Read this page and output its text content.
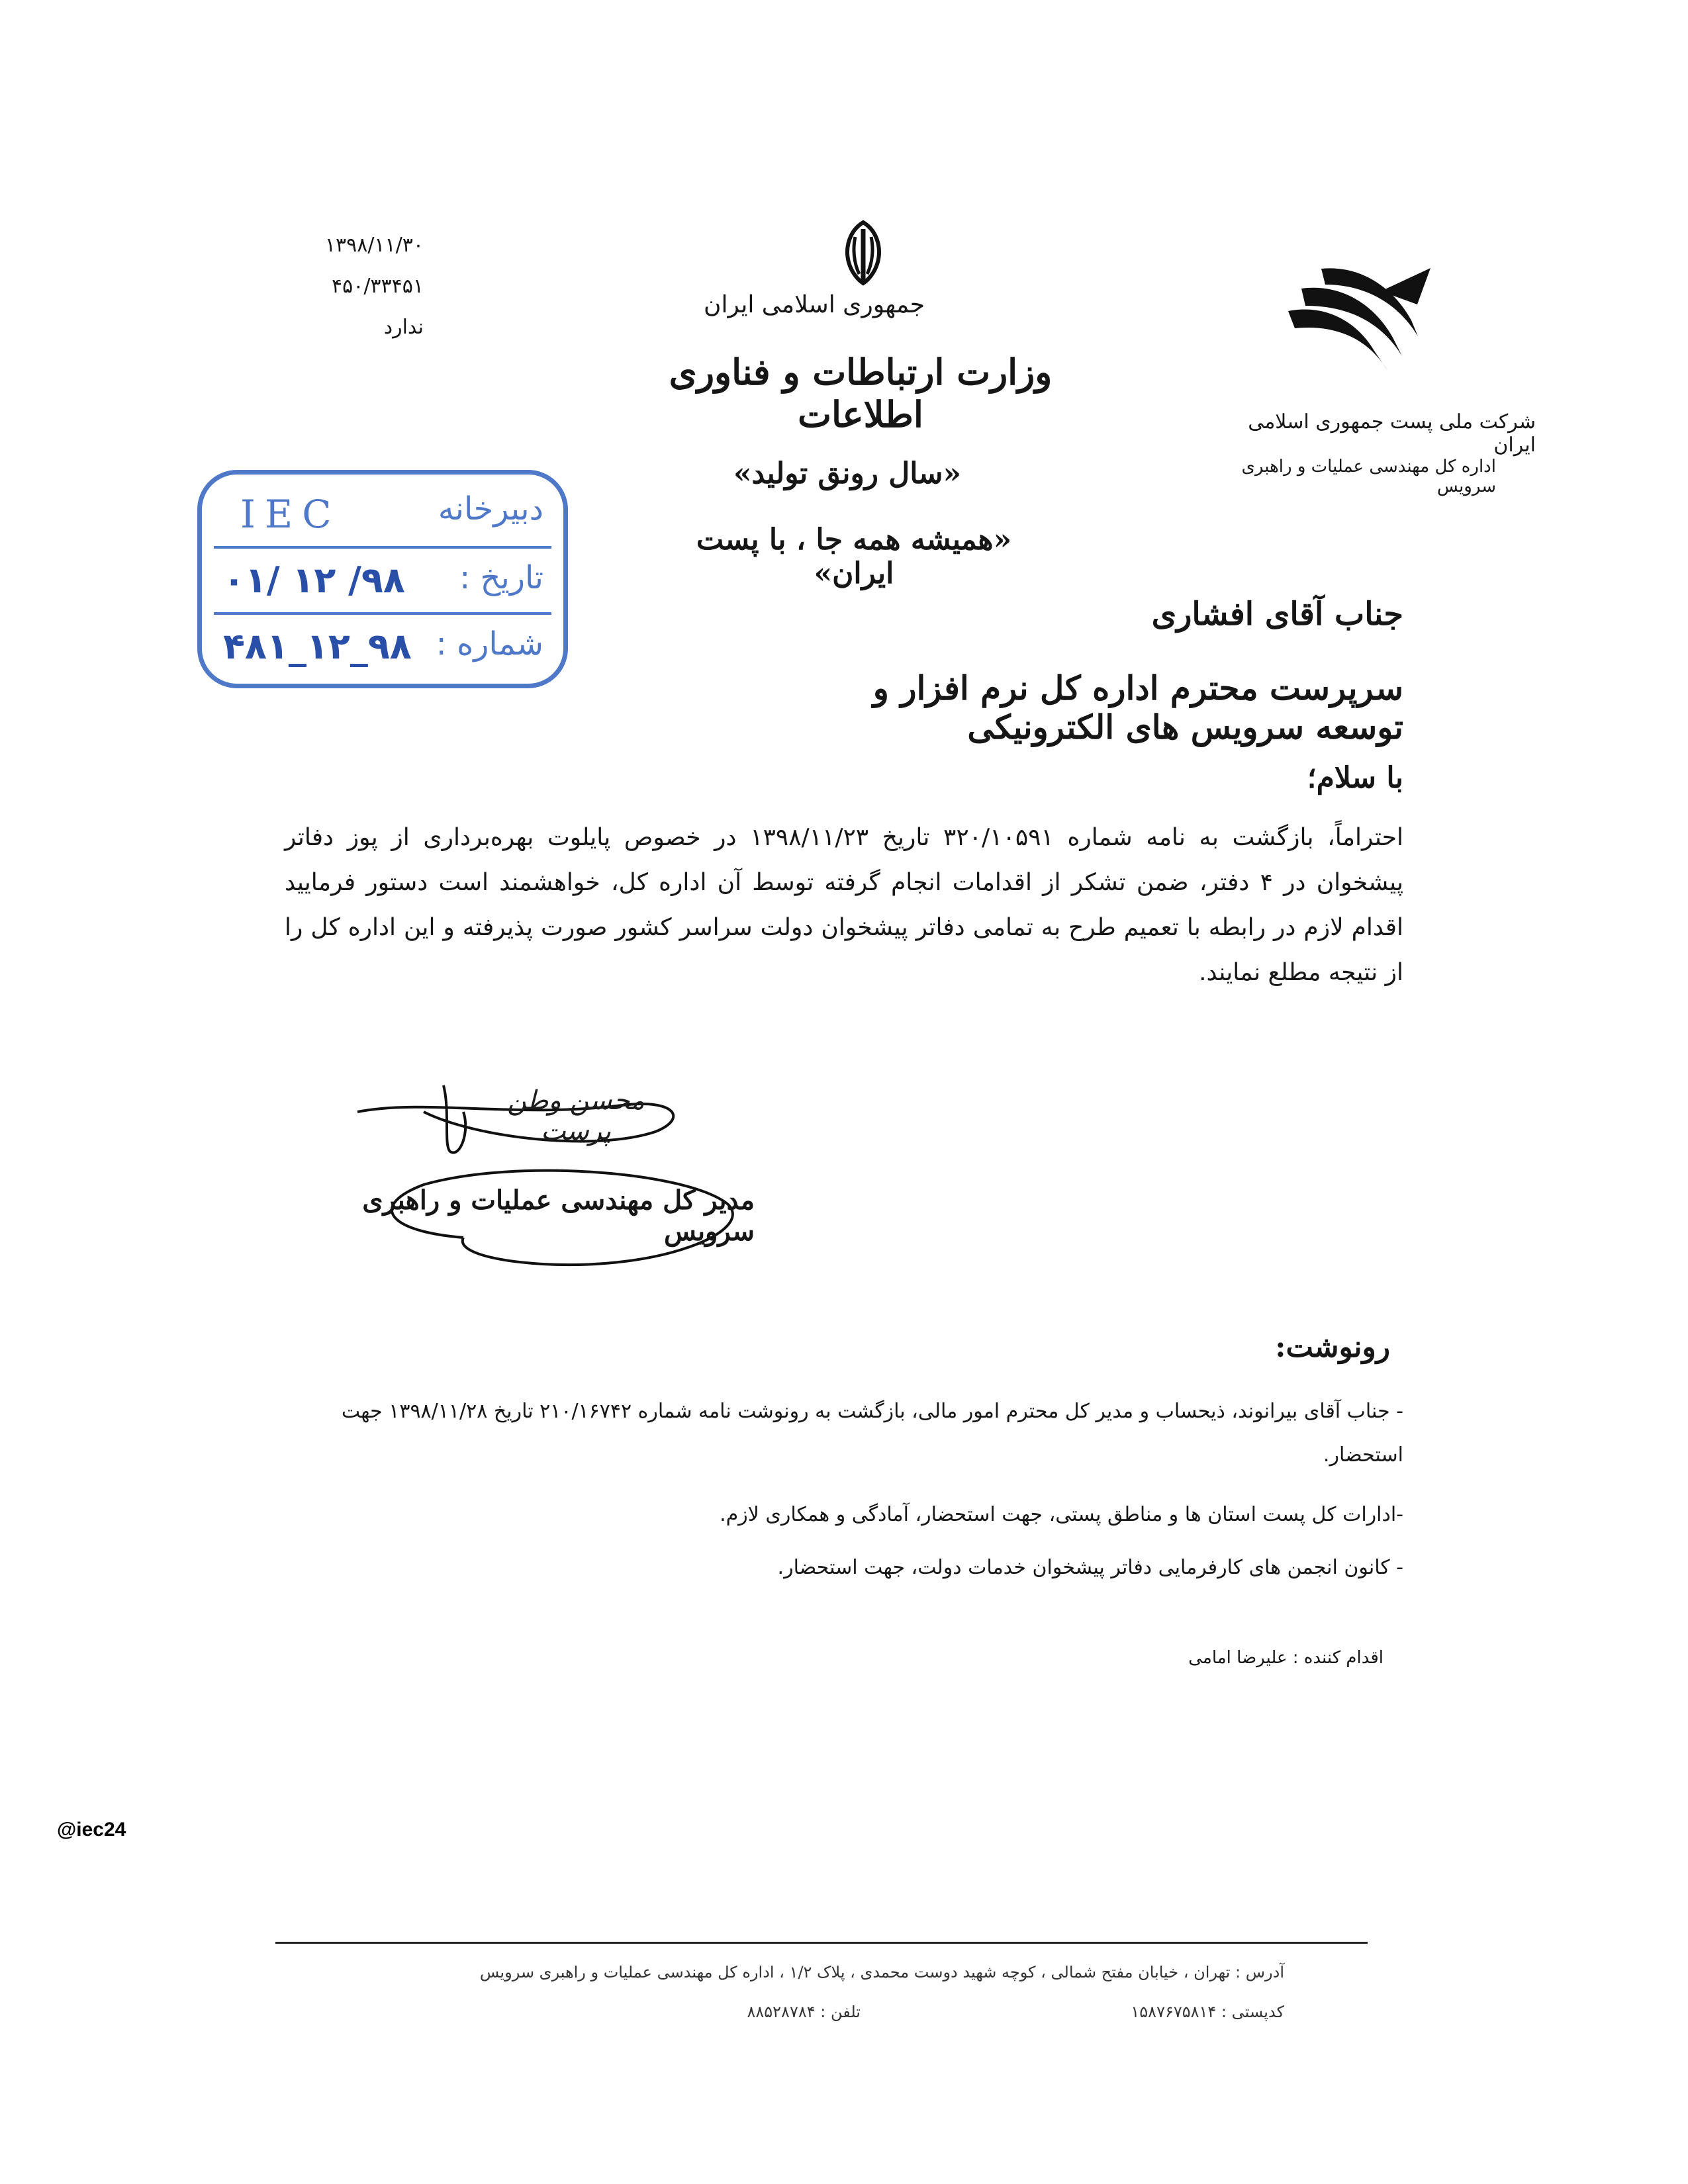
۱۳۹۸/۱۱/۳۰
۴۵۰/۳۳۴۵۱
ندارد
جمهوری اسلامی ایران
وزارت ارتباطات و فناوری اطلاعات
«سال رونق تولید»
«همیشه همه جا ، با پست ایران»
شرکت ملی پست جمهوری اسلامی ایران
اداره کل مهندسی عملیات و راهبری سرویس
دبیرخانه
IEC
تاریخ :
۹۸/ ۱۲ /۰۱
شماره :
۹۸_۱۲_۴۸۱
جناب آقای افشاری
سرپرست محترم اداره کل نرم افزار و توسعه سرویس های الکترونیکی
با سلام؛
احتراماً، بازگشت به نامه شماره ۳۲۰/۱۰۵۹۱ تاریخ ۱۳۹۸/۱۱/۲۳ در خصوص پایلوت بهره‌برداری از پوز دفاتر پیشخوان در ۴ دفتر، ضمن تشکر از اقدامات انجام گرفته توسط آن اداره کل، خواهشمند است دستور فرمایید اقدام لازم در رابطه با تعمیم طرح به تمامی دفاتر پیشخوان دولت سراسر کشور صورت پذیرفته و این اداره کل را از نتیجه مطلع نمایند.
محسن وطن پرست
مدیر کل مهندسی عملیات و راهبری سرویس
رونوشت:
- جناب آقای بیرانوند، ذیحساب و مدیر کل محترم امور مالی، بازگشت به رونوشت نامه شماره ۲۱۰/۱۶۷۴۲ تاریخ ۱۳۹۸/۱۱/۲۸ جهت استحضار.
-ادارات کل پست استان ها و مناطق پستی، جهت استحضار، آمادگی و همکاری لازم.
- کانون انجمن های کارفرمایی دفاتر پیشخوان خدمات دولت، جهت استحضار.
اقدام کننده : علیرضا امامی
@iec24
آدرس : تهران ، خیابان مفتح شمالی ، کوچه شهید دوست محمدی ، پلاک ۱/۲ ، اداره کل مهندسی عملیات و راهبری سرویس
کدپستی : ۱۵۸۷۶۷۵۸۱۴
تلفن : ۸۸۵۲۸۷۸۴
